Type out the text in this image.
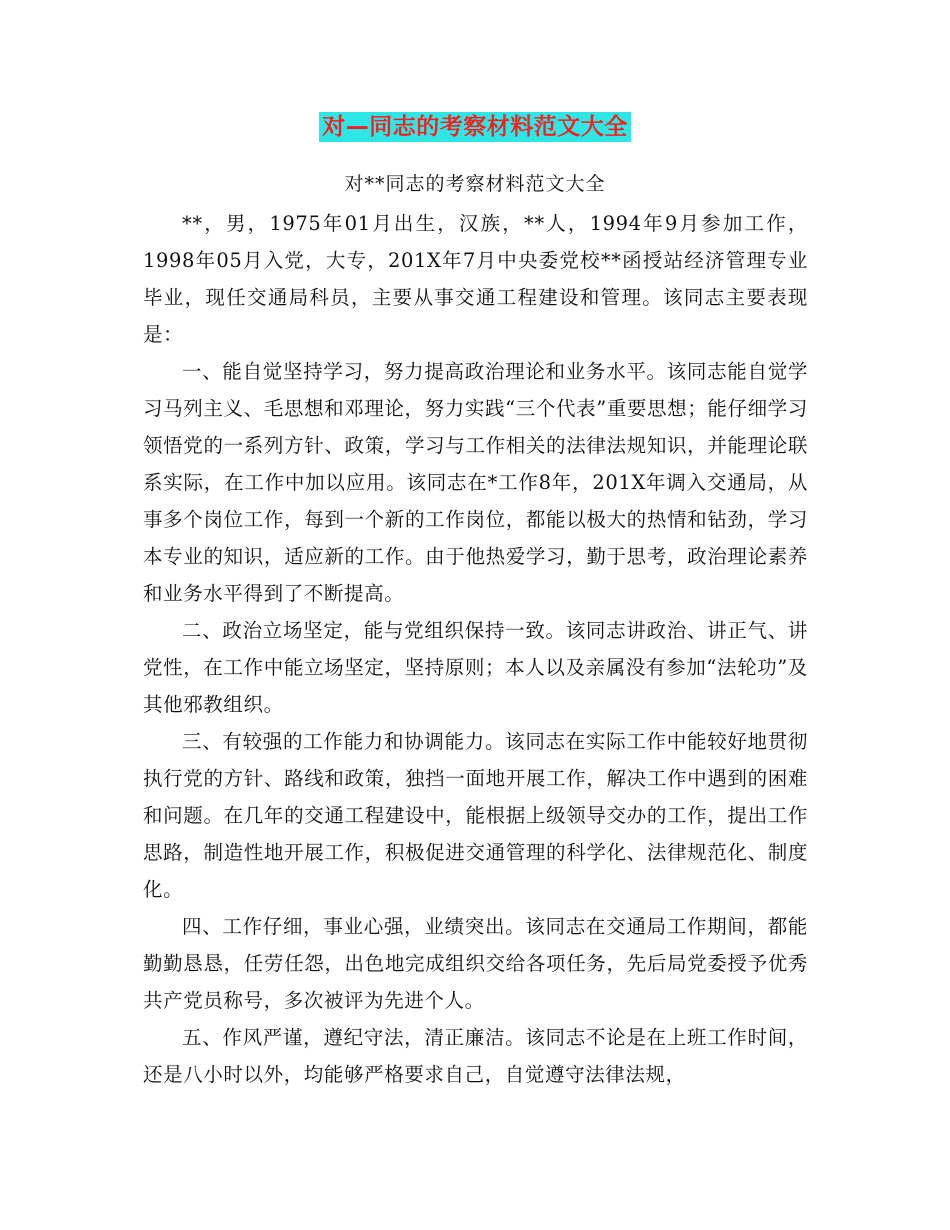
对—同志的考察材料范文大全
对**同志的考察材料范文大全

**，男，1975年01月出生，汉族，**人，1994年9月参加工作，1998年05月入党，大专，201X年7月中央委党校**函授站经济管理专业毕业，现任交通局科员，主要从事交通工程建设和管理。该同志主要表现是：

一、能自觉坚持学习，努力提高政治理论和业务水平。该同志能自觉学习马列主义、毛思想和邓理论，努力实践“三个代表”重要思想；能仔细学习领悟党的一系列方针、政策，学习与工作相关的法律法规知识，并能理论联系实际，在工作中加以应用。该同志在*工作8年，201X年调入交通局，从事多个岗位工作，每到一个新的工作岗位，都能以极大的热情和钻劲，学习本专业的知识，适应新的工作。由于他热爱学习，勤于思考，政治理论素养和业务水平得到了不断提高。

二、政治立场坚定，能与党组织保持一致。该同志讲政治、讲正气、讲党性，在工作中能立场坚定，坚持原则；本人以及亲属没有参加“法轮功”及其他邪教组织。

三、有较强的工作能力和协调能力。该同志在实际工作中能较好地贯彻执行党的方针、路线和政策，独挡一面地开展工作，解决工作中遇到的困难和问题。在几年的交通工程建设中，能根据上级领导交办的工作，提出工作思路，制造性地开展工作，积极促进交通管理的科学化、法律规范化、制度化。

四、工作仔细，事业心强，业绩突出。该同志在交通局工作期间，都能勤勤恳恳，任劳任怨，出色地完成组织交给各项任务，先后局党委授予优秀共产党员称号，多次被评为先进个人。

五、作风严谨，遵纪守法，清正廉洁。该同志不论是在上班工作时间，还是八小时以外，均能够严格要求自己，自觉遵守法律法规，
